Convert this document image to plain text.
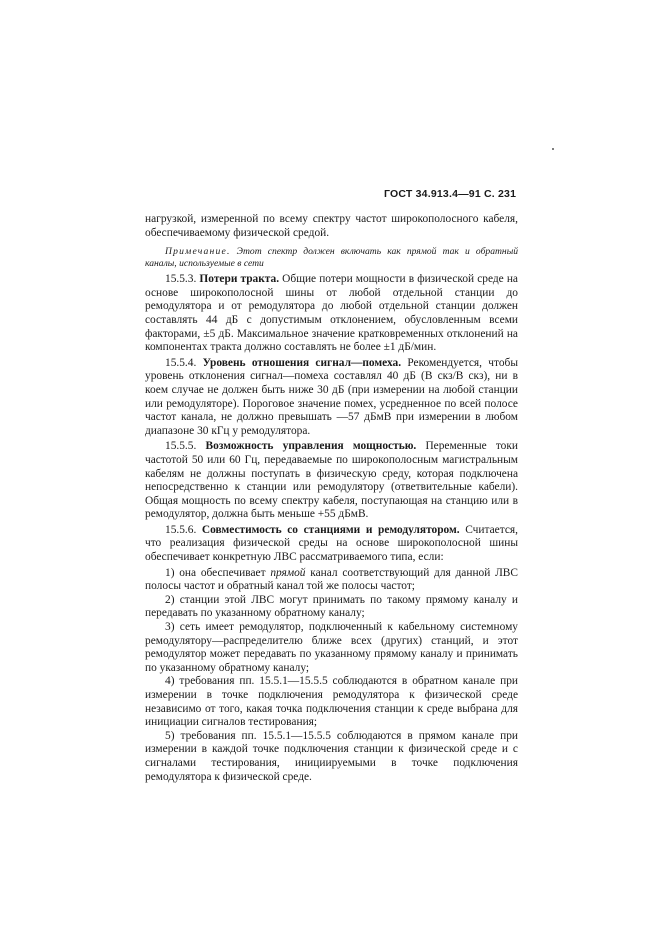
ГОСТ 34.913.4—91 С. 231

нагрузкой, измеренной по всему спектру частот широкополосного кабеля, обеспечиваемому физической средой.

Примечание. Этот спектр должен включать как прямой так и обратный каналы, используемые в сети

15.5.3. Потери тракта. Общие потери мощности в физической среде на основе широкополосной шины от любой отдельной станции до ремодулятора и от ремодулятора до любой отдельной станции должен составлять 44 дБ с допустимым отклонением, обусловленным всеми факторами, ±5 дБ. Максимальное значение кратковременных отклонений на компонентах тракта должно составлять не более ±1 дБ/мин.

15.5.4. Уровень отношения сигнал—помеха. Рекомендуется, чтобы уровень отклонения сигнал—помеха составлял 40 дБ (В скз/В скз), ни в коем случае не должен быть ниже 30 дБ (при измерении на любой станции или ремодуляторе). Пороговое значение помех, усредненное по всей полосе частот канала, не должно превышать —57 дБмВ при измерении в любом диапазоне 30 кГц у ремодулятора.

15.5.5. Возможность управления мощностью. Переменные токи частотой 50 или 60 Гц, передаваемые по широкополосным магистральным кабелям не должны поступать в физическую среду, которая подключена непосредственно к станции или ремодулятору (ответвительные кабели). Общая мощность по всему спектру кабеля, поступающая на станцию или в ремодулятор, должна быть меньше +55 дБмВ.

15.5.6. Совместимость со станциями и ремодулятором. Считается, что реализация физической среды на основе широкополосной шины обеспечивает конкретную ЛВС рассматриваемого типа, если:

1) она обеспечивает прямой канал соответствующий для данной ЛВС полосы частот и обратный канал той же полосы частот;

2) станции этой ЛВС могут принимать по такому прямому каналу и передавать по указанному обратному каналу;

3) сеть имеет ремодулятор, подключенный к кабельному системному ремодулятору—распределителю ближе всех (других) станций, и этот ремодулятор может передавать по указанному прямому каналу и принимать по указанному обратному каналу;

4) требования пп. 15.5.1—15.5.5 соблюдаются в обратном канале при измерении в точке подключения ремодулятора к физической среде независимо от того, какая точка подключения станции к среде выбрана для инициации сигналов тестирования;

5) требования пп. 15.5.1—15.5.5 соблюдаются в прямом канале при измерении в каждой точке подключения станции к физической среде и с сигналами тестирования, инициируемыми в точке подключения ремодулятора к физической среде.
